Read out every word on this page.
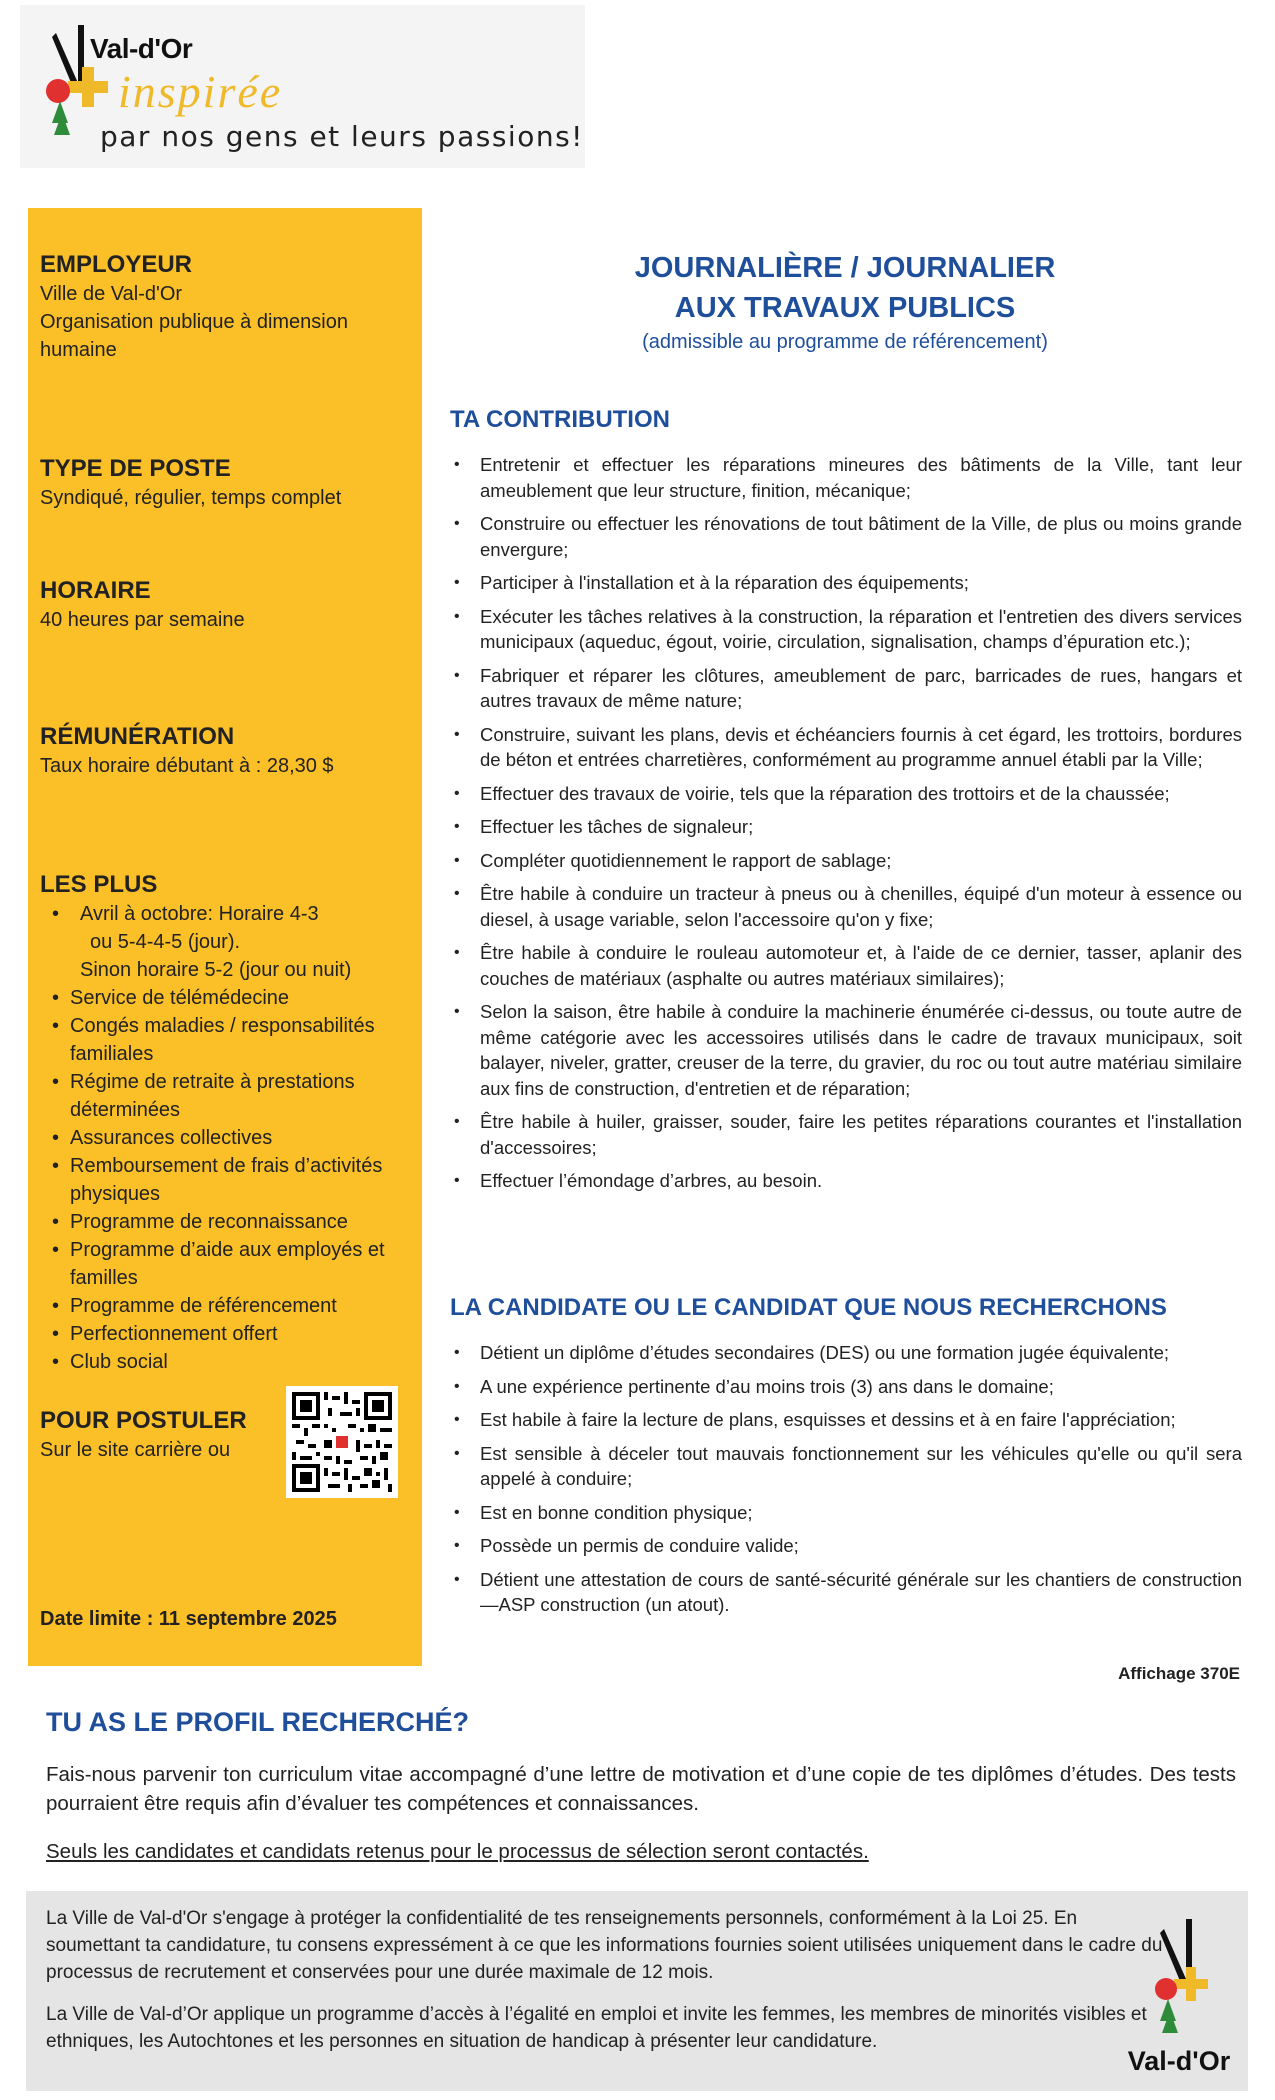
Val-d'Or
inspirée
par nos gens et leurs passions!
EMPLOYEUR
Ville de Val-d'Or
Organisation publique à dimension
humaine
TYPE DE POSTE
Syndiqué, régulier, temps complet
HORAIRE
40 heures par semaine
RÉMUNÉRATION
Taux horaire débutant à : 28,30 $
LES PLUS
• Avril à octobre: Horaire 4-3
ou 5-4-4-5 (jour).
Sinon horaire 5-2 (jour ou nuit)
• Service de télémédecine
• Congés maladies / responsabilités familiales
• Régime de retraite à prestations déterminées
• Assurances collectives
• Remboursement de frais d’activités physiques
• Programme de reconnaissance
• Programme d’aide aux employés et familles
• Programme de référencement
• Perfectionnement offert
• Club social
POUR POSTULER
Sur le site carrière ou
Date limite : 11 septembre 2025
JOURNALIÈRE / JOURNALIER
AUX TRAVAUX PUBLICS
(admissible au programme de référencement)
TA CONTRIBUTION
• Entretenir et effectuer les réparations mineures des bâtiments de la Ville, tant leur ameublement que leur structure, finition, mécanique;
• Construire ou effectuer les rénovations de tout bâtiment de la Ville, de plus ou moins grande envergure;
• Participer à l'installation et à la réparation des équipements;
• Exécuter les tâches relatives à la construction, la réparation et l'entretien des divers services municipaux (aqueduc, égout, voirie, circulation, signalisation, champs d’épuration etc.);
• Fabriquer et réparer les clôtures, ameublement de parc, barricades de rues, hangars et autres travaux de même nature;
• Construire, suivant les plans, devis et échéanciers fournis à cet égard, les trottoirs, bordures de béton et entrées charretières, conformément au programme annuel établi par la Ville;
• Effectuer des travaux de voirie, tels que la réparation des trottoirs et de la chaussée;
• Effectuer les tâches de signaleur;
• Compléter quotidiennement le rapport de sablage;
• Être habile à conduire un tracteur à pneus ou à chenilles, équipé d'un moteur à essence ou diesel, à usage variable, selon l'accessoire qu'on y fixe;
• Être habile à conduire le rouleau automoteur et, à l'aide de ce dernier, tasser, aplanir des couches de matériaux (asphalte ou autres matériaux similaires);
• Selon la saison, être habile à conduire la machinerie énumérée ci-dessus, ou toute autre de même catégorie avec les accessoires utilisés dans le cadre de travaux municipaux, soit balayer, niveler, gratter, creuser de la terre, du gravier, du roc ou tout autre matériau similaire aux fins de construction, d'entretien et de réparation;
• Être habile à huiler, graisser, souder, faire les petites réparations courantes et l'installation d'accessoires;
• Effectuer l’émondage d’arbres, au besoin.
LA CANDIDATE OU LE CANDIDAT QUE NOUS RECHERCHONS
• Détient un diplôme d’études secondaires (DES) ou une formation jugée équivalente;
• A une expérience pertinente d’au moins trois (3) ans dans le domaine;
• Est habile à faire la lecture de plans, esquisses et dessins et à en faire l'appréciation;
• Est sensible à déceler tout mauvais fonctionnement sur les véhicules qu'elle ou qu'il sera appelé à conduire;
• Est en bonne condition physique;
• Possède un permis de conduire valide;
• Détient une attestation de cours de santé-sécurité générale sur les chantiers de construction—ASP construction (un atout).
Affichage 370E
TU AS LE PROFIL RECHERCHÉ?
Fais-nous parvenir ton curriculum vitae accompagné d’une lettre de motivation et d’une copie de tes diplômes d’études. Des tests pourraient être requis afin d’évaluer tes compétences et connaissances.
Seuls les candidates et candidats retenus pour le processus de sélection seront contactés.
La Ville de Val-d'Or s'engage à protéger la confidentialité de tes renseignements personnels, conformément à la Loi 25. En soumettant ta candidature, tu consens expressément à ce que les informations fournies soient utilisées uniquement dans le cadre du processus de recrutement et conservées pour une durée maximale de 12 mois.
La Ville de Val-d’Or applique un programme d’accès à l’égalité en emploi et invite les femmes, les membres de minorités visibles et ethniques, les Autochtones et les personnes en situation de handicap à présenter leur candidature.
Val-d'Or
